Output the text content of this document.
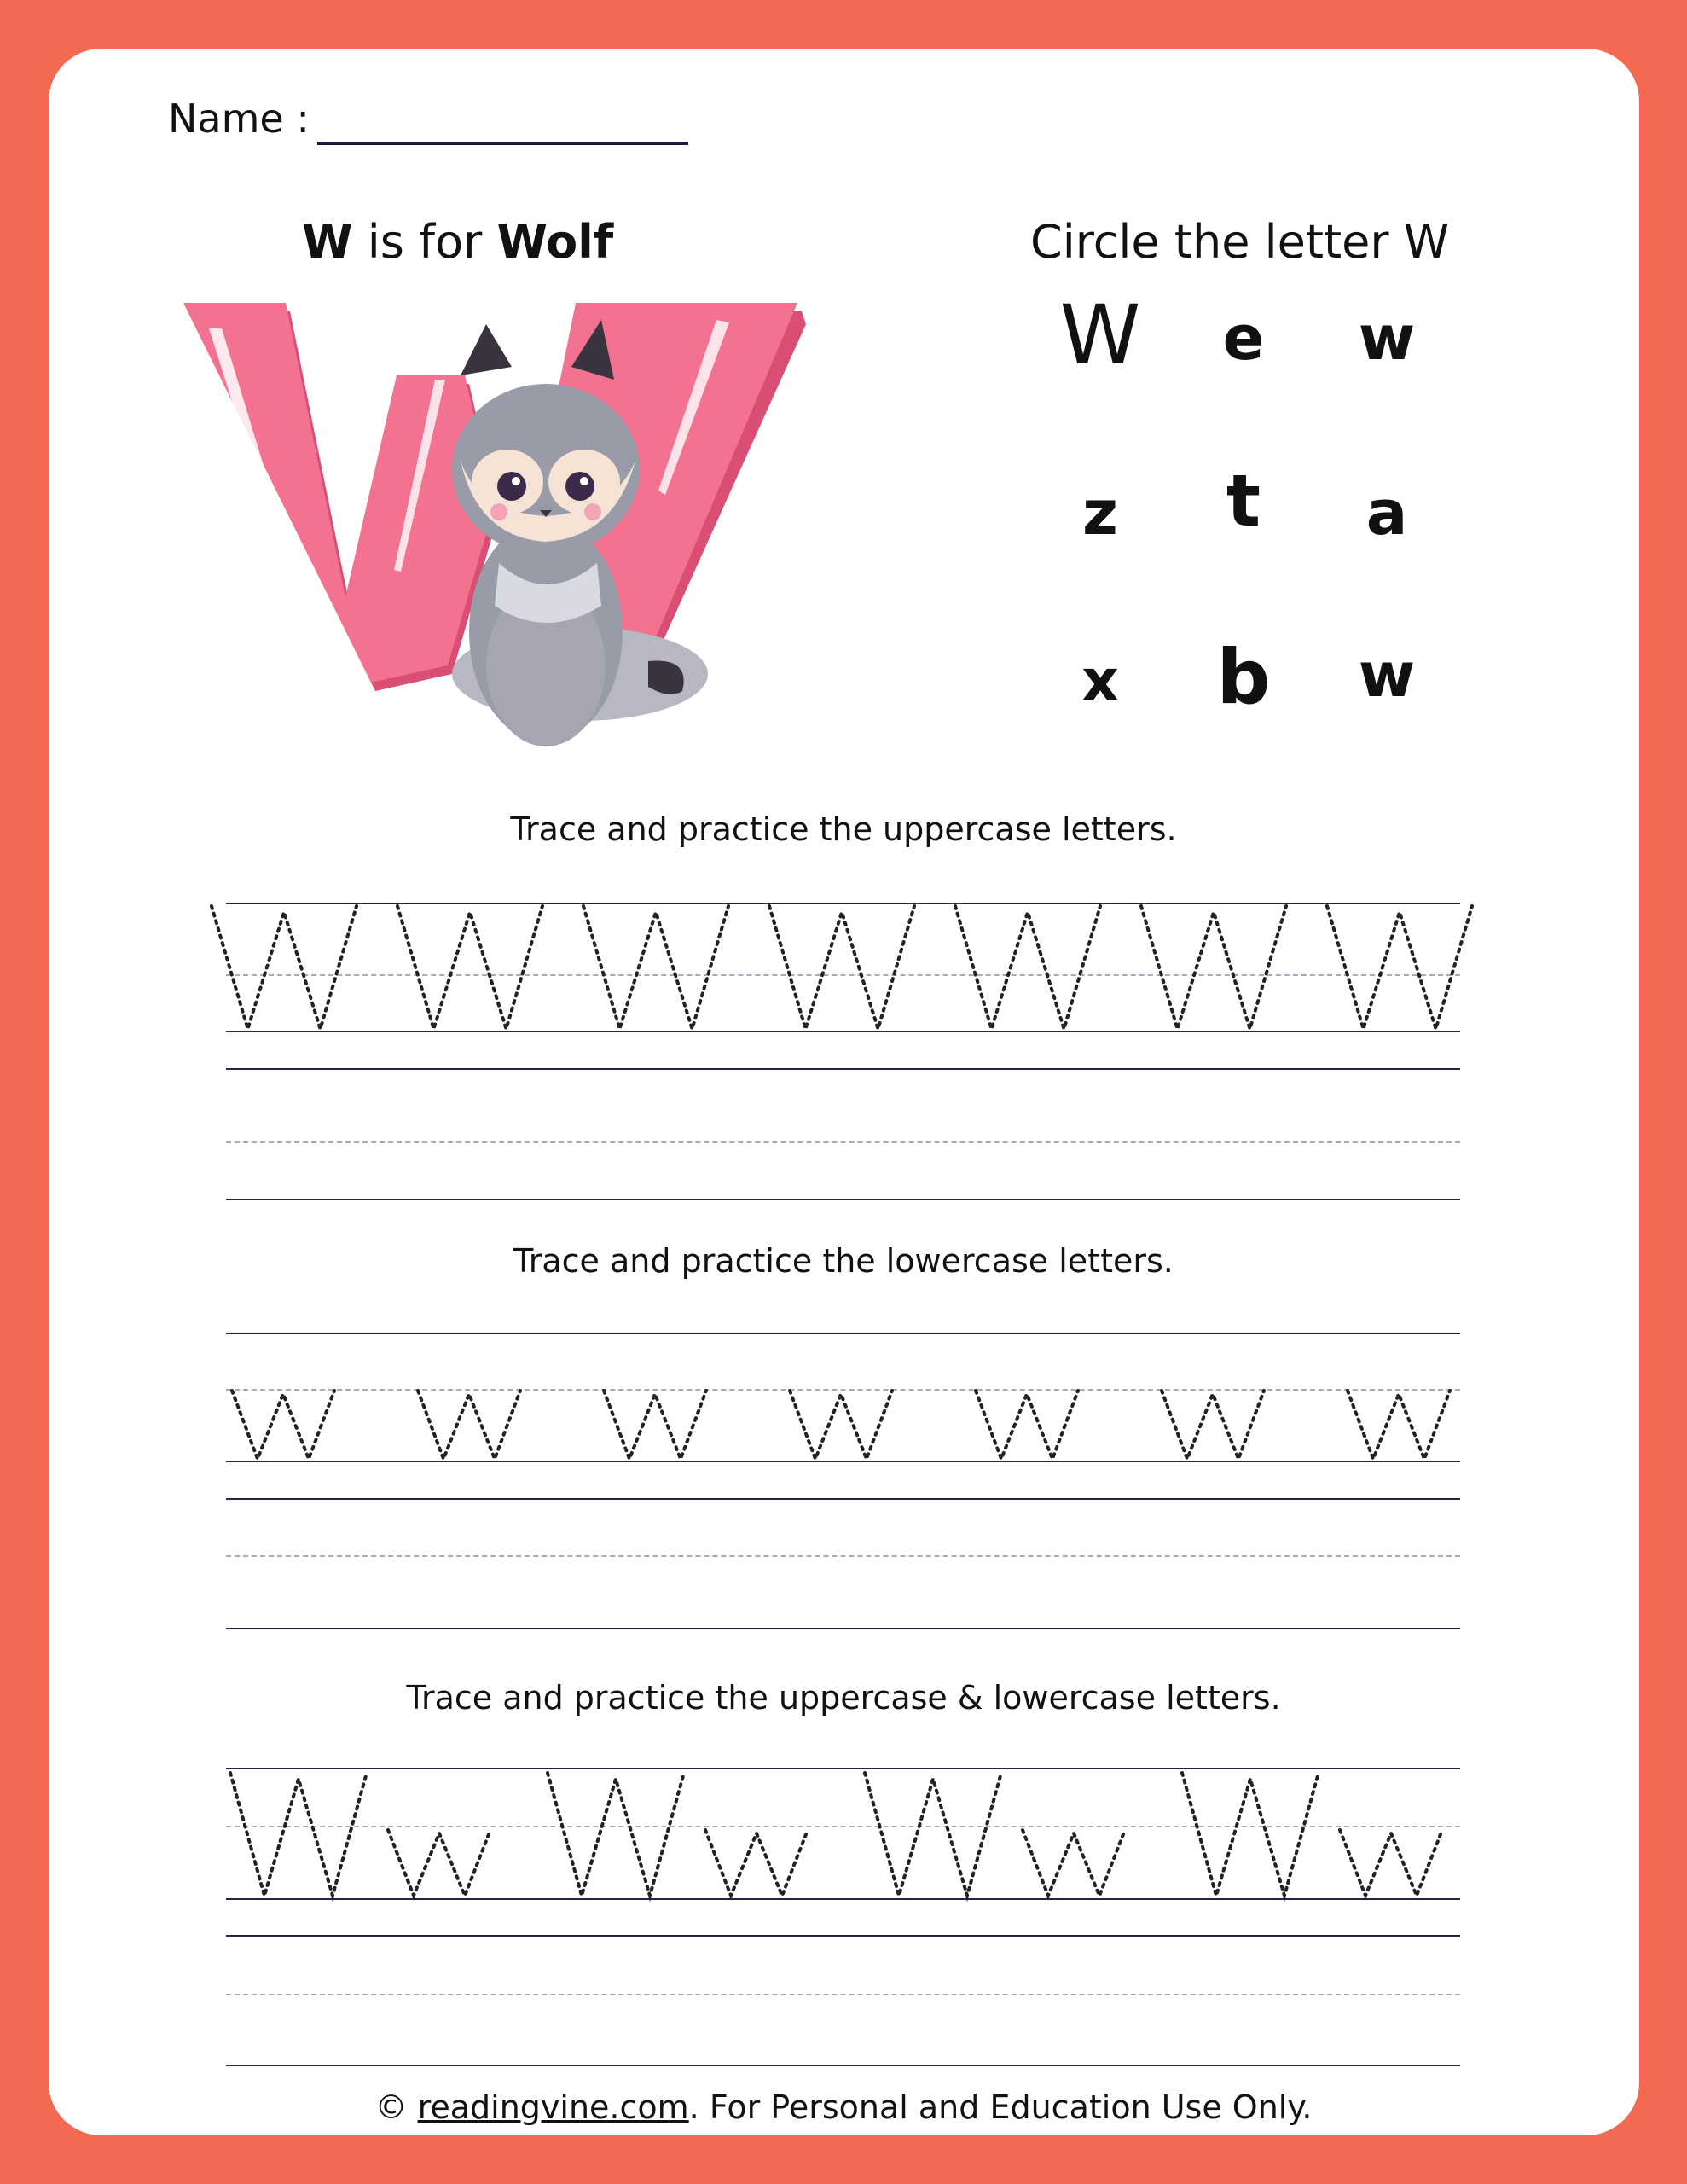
Name :
W is for Wolf	Circle the letter W
W	e	w
z	t	a
x	b	w
Trace and practice the uppercase letters.
Trace and practice the lowercase letters.
Trace and practice the uppercase & lowercase letters.
© readingvine.com. For Personal and Education Use Only.
